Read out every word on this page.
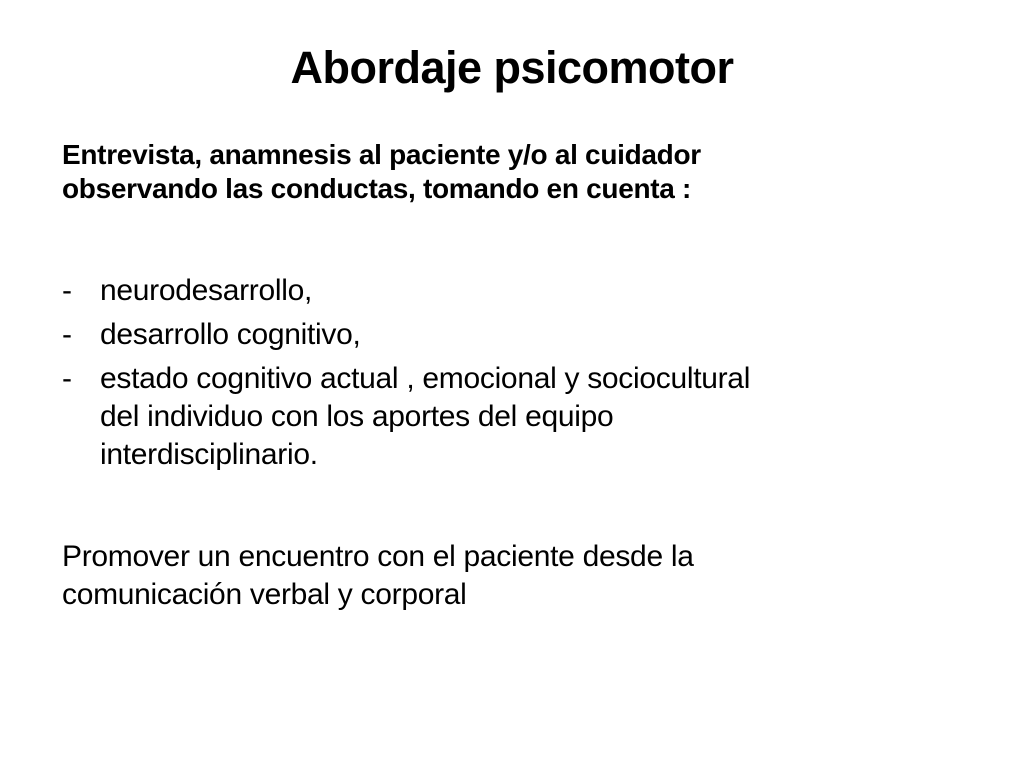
Abordaje psicomotor
Entrevista, anamnesis al paciente y/o al cuidador
observando las conductas, tomando en cuenta :
- neurodesarrollo,
- desarrollo cognitivo,
- estado cognitivo actual , emocional y sociocultural
del individuo con los aportes del equipo
interdisciplinario.
Promover un encuentro con el paciente desde la
comunicación verbal y corporal
